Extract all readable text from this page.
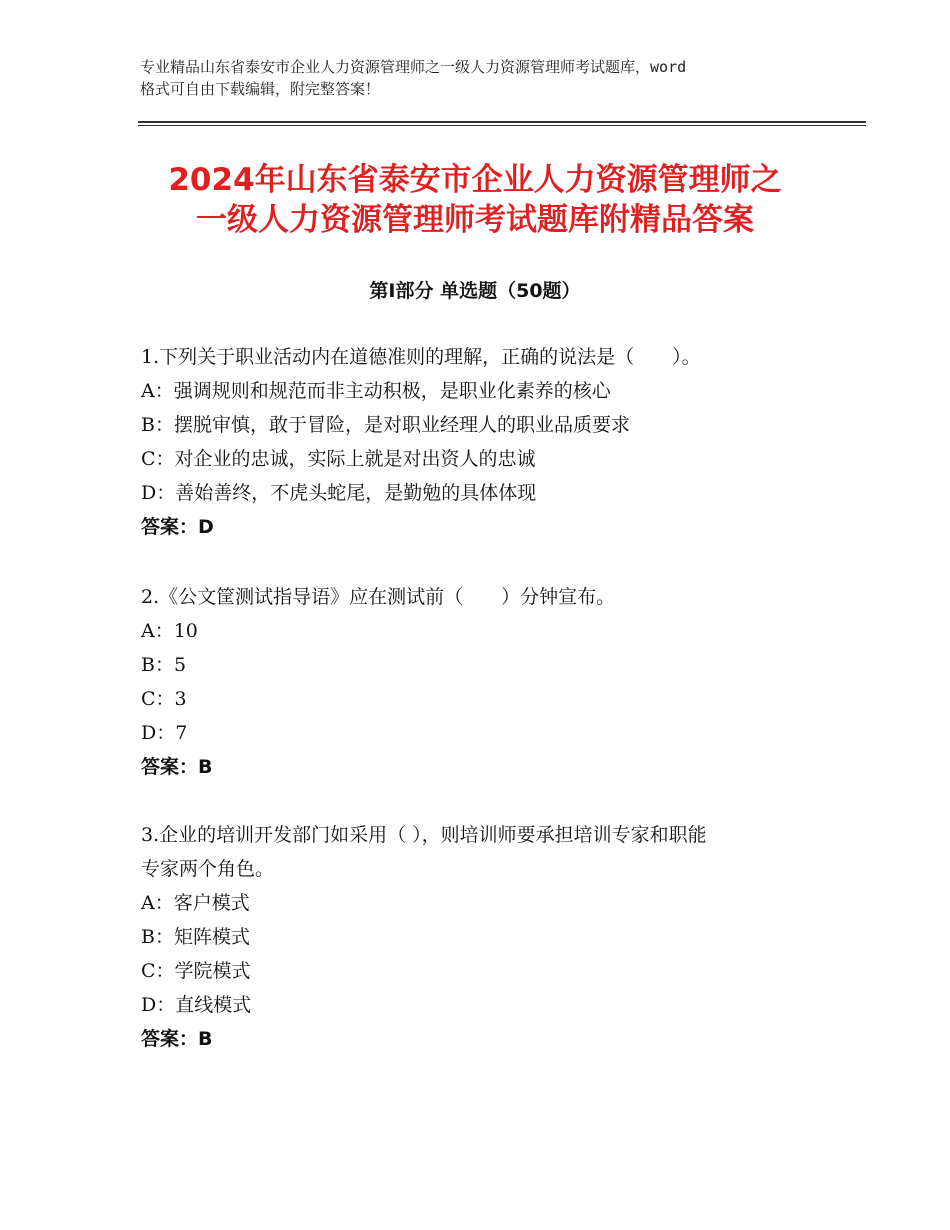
专业精品山东省泰安市企业人力资源管理师之一级人力资源管理师考试题库，word
格式可自由下载编辑，附完整答案！
2024年山东省泰安市企业人力资源管理师之
一级人力资源管理师考试题库附精品答案
第Ⅰ部分 单选题（50题）
1.下列关于职业活动内在道德准则的理解，正确的说法是（　　）。
A：强调规则和规范而非主动积极，是职业化素养的核心
B：摆脱审慎，敢于冒险，是对职业经理人的职业品质要求
C：对企业的忠诚，实际上就是对出资人的忠诚
D：善始善终，不虎头蛇尾，是勤勉的具体体现
答案：D
2.《公文筐测试指导语》应在测试前（　　）分钟宣布。
A：10
B：5
C：3
D：7
答案：B
3.企业的培训开发部门如采用（ ），则培训师要承担培训专家和职能
专家两个角色。
A：客户模式
B：矩阵模式
C：学院模式
D：直线模式
答案：B
